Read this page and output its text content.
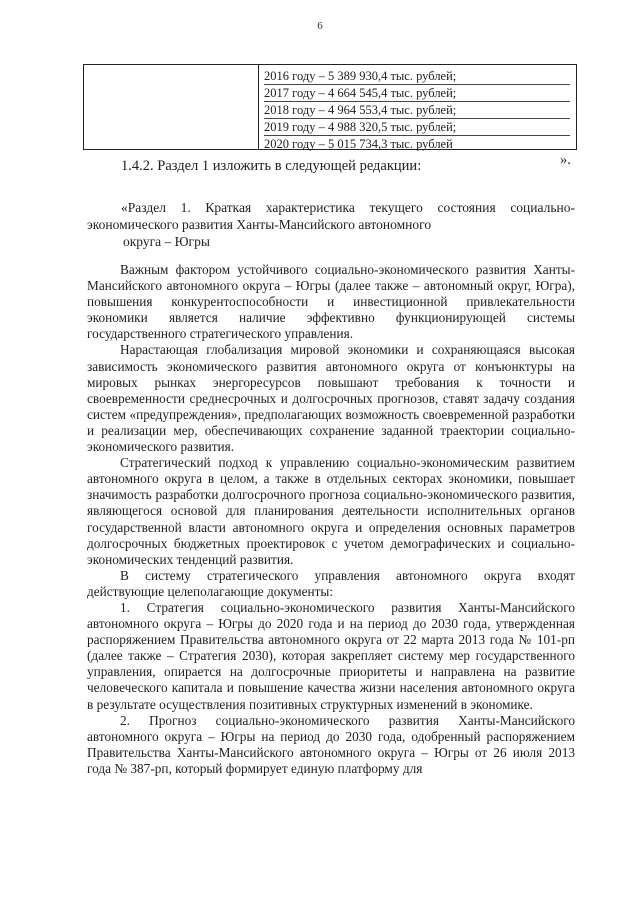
6
2016 году – 5 389 930,4 тыс. рублей;
2017 году – 4 664 545,4 тыс. рублей;
2018 году – 4 964 553,4 тыс. рублей;
2019 году – 4 988 320,5 тыс. рублей;
2020 году – 5 015 734,3 тыс. рублей
».
1.4.2. Раздел 1 изложить в следующей редакции:
«Раздел 1. Краткая характеристика текущего состояния социально-
экономического развития Ханты-Мансийского автономного
округа – Югры

Важным фактором устойчивого социально-экономического развития Ханты-Мансийского автономного округа – Югры (далее также – автономный округ, Югра), повышения конкурентоспособности и инвестиционной привлекательности экономики является наличие эффективно функционирующей системы государственного стратегического управления.

Нарастающая глобализация мировой экономики и сохраняющаяся высокая зависимость экономического развития автономного округа от конъюнктуры на мировых рынках энергоресурсов повышают требования к точности и своевременности среднесрочных и долгосрочных прогнозов, ставят задачу создания систем «предупреждения», предполагающих возможность своевременной разработки и реализации мер, обеспечивающих сохранение заданной траектории социально-экономического развития.

Стратегический подход к управлению социально-экономическим развитием автономного округа в целом, а также в отдельных секторах экономики, повышает значимость разработки долгосрочного прогноза социально-экономического развития, являющегося основой для планирования деятельности исполнительных органов государственной власти автономного округа и определения основных параметров долгосрочных бюджетных проектировок с учетом демографических и социально-экономических тенденций развития.

В систему стратегического управления автономного округа входят действующие целеполагающие документы:

1. Стратегия социально-экономического развития Ханты-Мансийского автономного округа – Югры до 2020 года и на период до 2030 года, утвержденная распоряжением Правительства автономного округа от 22 марта 2013 года № 101-рп (далее также – Стратегия 2030), которая закрепляет систему мер государственного управления, опирается на долгосрочные приоритеты и направлена на развитие человеческого капитала и повышение качества жизни населения автономного округа в результате осуществления позитивных структурных изменений в экономике.

2. Прогноз социально-экономического развития Ханты-Мансийского автономного округа – Югры на период до 2030 года, одобренный распоряжением Правительства Ханты-Мансийского автономного округа – Югры от 26 июля 2013 года № 387-рп, который формирует единую платформу для
